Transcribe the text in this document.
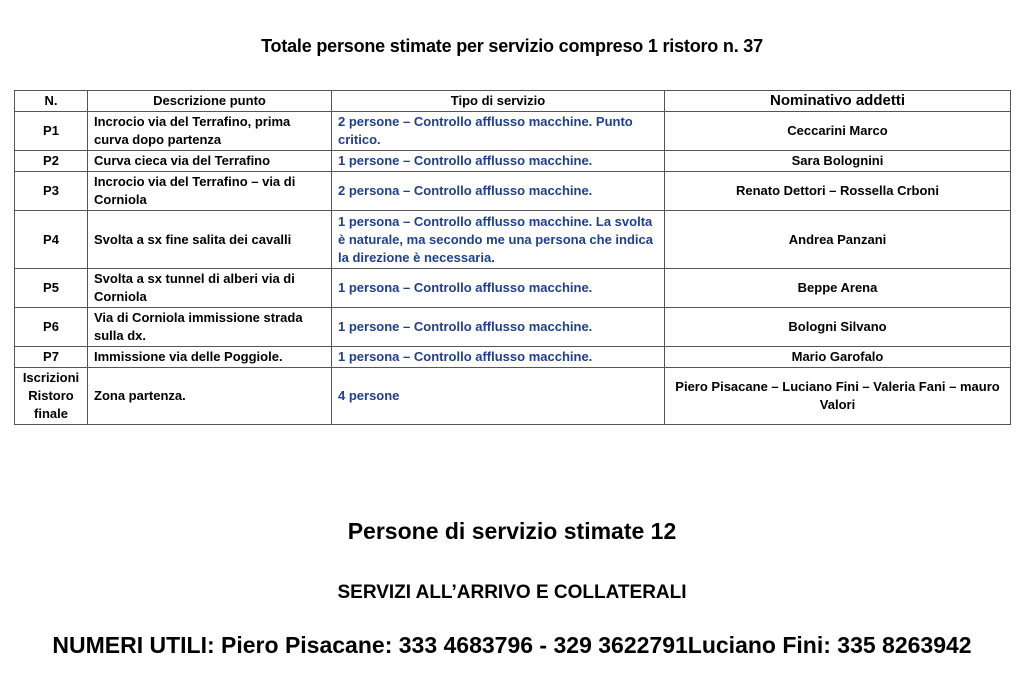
Totale persone stimate per servizio compreso 1 ristoro n. 37
N.	Descrizione punto	Tipo di servizio	Nominativo addetti
P1	Incrocio via del Terrafino, prima curva dopo partenza	2 persone – Controllo afflusso macchine. Punto critico.	Ceccarini Marco
P2	Curva cieca via del Terrafino	1 persone – Controllo afflusso macchine.	Sara Bolognini
P3	Incrocio via del Terrafino – via di Corniola	2 persona – Controllo afflusso macchine.	Renato Dettori – Rossella Crboni
P4	Svolta a sx fine salita dei cavalli	1 persona – Controllo afflusso macchine. La svolta è naturale, ma secondo me una persona che indica la direzione è necessaria.	Andrea Panzani
P5	Svolta a sx tunnel di alberi via di Corniola	1 persona – Controllo afflusso macchine.	Beppe Arena
P6	Via di Corniola immissione strada sulla dx.	1 persone – Controllo afflusso macchine.	Bologni Silvano
P7	Immissione via delle Poggiole.	1 persona – Controllo afflusso macchine.	Mario Garofalo
Iscrizioni Ristoro finale	Zona partenza.	4 persone	Piero Pisacane – Luciano Fini – Valeria Fani – mauro Valori
Persone di servizio stimate 12
SERVIZI ALL’ARRIVO E COLLATERALI
NUMERI UTILI: Piero Pisacane: 333 4683796 - 329 3622791Luciano Fini: 335 8263942
